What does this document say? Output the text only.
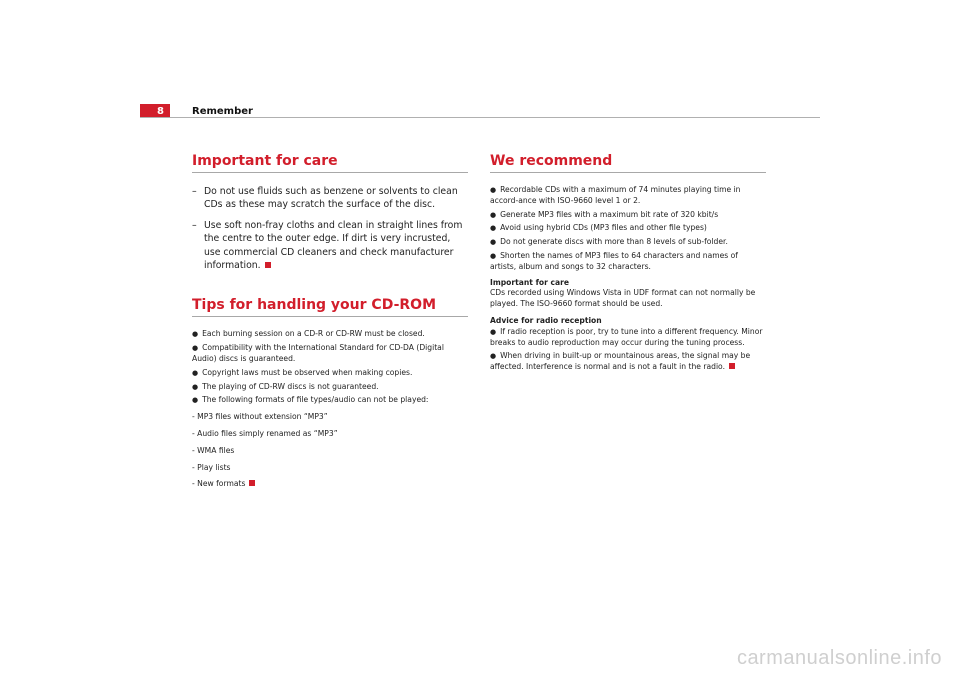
8	Remember
Important for care
– Do not use fluids such as benzene or solvents to clean CDs as these may scratch the surface of the disc.
– Use soft non-fray cloths and clean in straight lines from the centre to the outer edge. If dirt is very incrusted, use commercial CD cleaners and check manufacturer information.
Tips for handling your CD-ROM
● Each burning session on a CD-R or CD-RW must be closed.
● Compatibility with the International Standard for CD-DA (Digital Audio) discs is guaranteed.
● Copyright laws must be observed when making copies.
● The playing of CD-RW discs is not guaranteed.
● The following formats of file types/audio can not be played:
- MP3 files without extension “MP3”
- Audio files simply renamed as “MP3”
- WMA files
- Play lists
- New formats
We recommend
● Recordable CDs with a maximum of 74 minutes playing time in accord-ance with ISO-9660 level 1 or 2.
● Generate MP3 files with a maximum bit rate of 320 kbit/s
● Avoid using hybrid CDs (MP3 files and other file types)
● Do not generate discs with more than 8 levels of sub-folder.
● Shorten the names of MP3 files to 64 characters and names of artists, album and songs to 32 characters.
Important for care
CDs recorded using Windows Vista in UDF format can not normally be played. The ISO-9660 format should be used.
Advice for radio reception
● If radio reception is poor, try to tune into a different frequency. Minor breaks to audio reproduction may occur during the tuning process.
● When driving in built-up or mountainous areas, the signal may be affected. Interference is normal and is not a fault in the radio.
carmanualsonline.info
